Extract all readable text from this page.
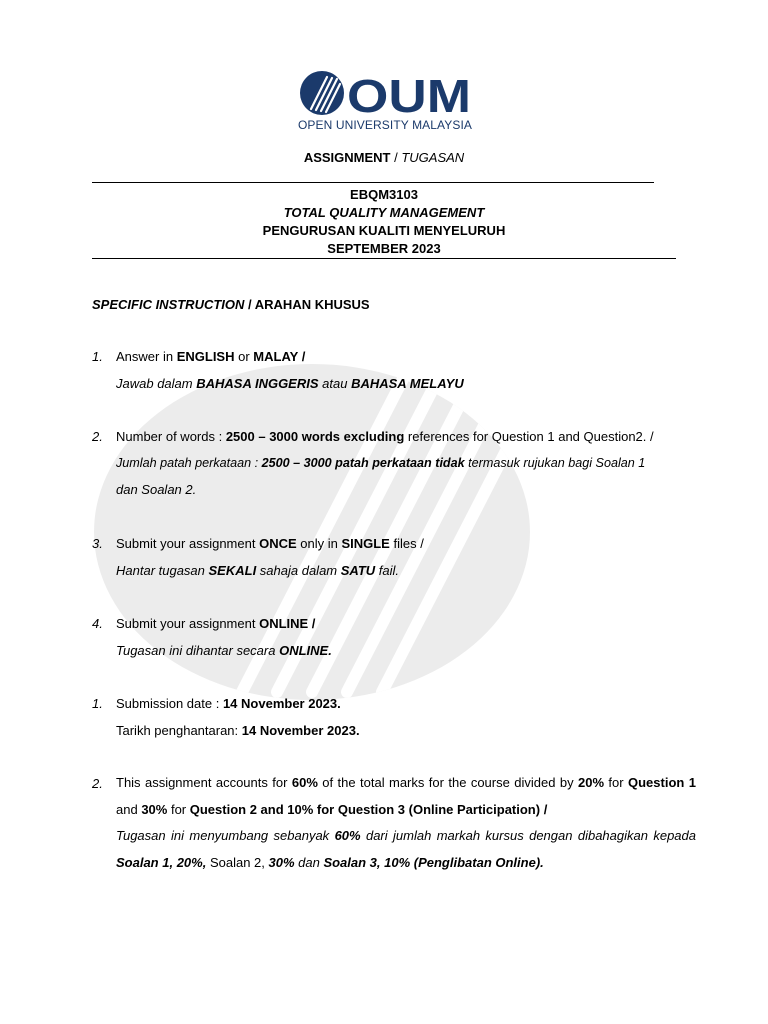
OUM
OPEN UNIVERSITY MALAYSIA
ASSIGNMENT / TUGASAN
EBQM3103
TOTAL QUALITY MANAGEMENT
PENGURUSAN KUALITI MENYELURUH
SEPTEMBER 2023
SPECIFIC INSTRUCTION / ARAHAN KHUSUS
1. Answer in ENGLISH or MALAY /
Jawab dalam BAHASA INGGERIS atau BAHASA MELAYU
2. Number of words : 2500 – 3000 words excluding references for Question 1 and Question2. /
Jumlah patah perkataan : 2500 – 3000 patah perkataan tidak termasuk rujukan bagi Soalan 1
dan Soalan 2.
3. Submit your assignment ONCE only in SINGLE files /
Hantar tugasan SEKALI sahaja dalam SATU fail.
4. Submit your assignment ONLINE /
Tugasan ini dihantar secara ONLINE.
1. Submission date : 14 November 2023.
Tarikh penghantaran: 14 November 2023.
2. This assignment accounts for 60% of the total marks for the course divided by 20% for Question 1 and 30% for Question 2 and 10% for Question 3 (Online Participation) /
Tugasan ini menyumbang sebanyak 60% dari jumlah markah kursus dengan dibahagikan kepada Soalan 1, 20%, Soalan 2, 30% dan Soalan 3, 10% (Penglibatan Online).
